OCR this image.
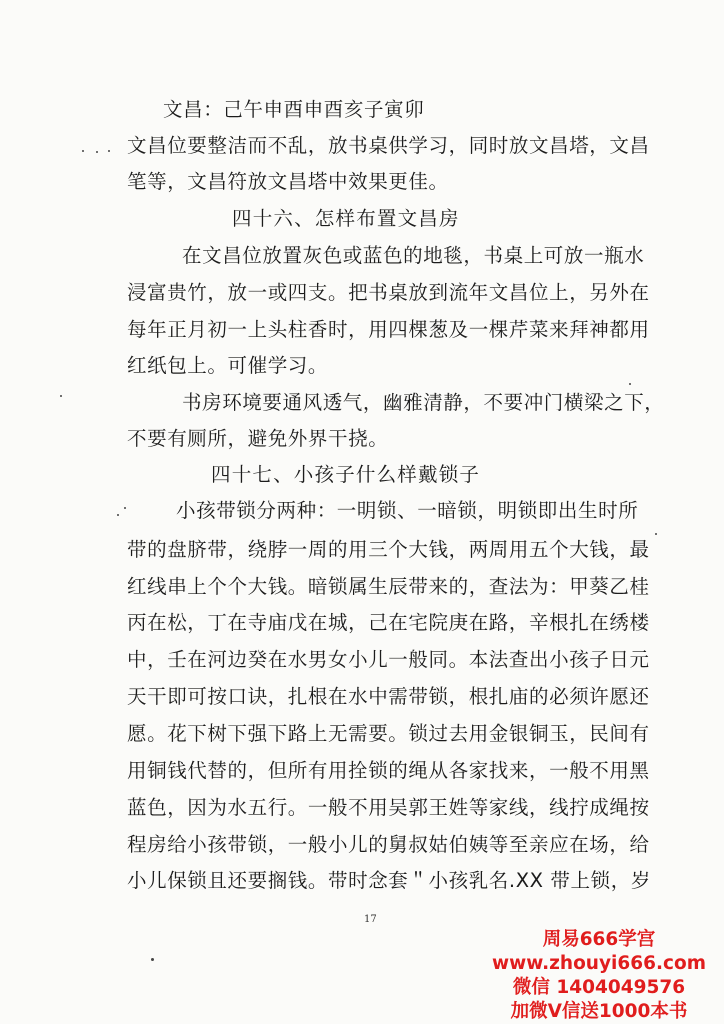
文昌：己午申酉申酉亥子寅卯
文昌位要整洁而不乱，放书桌供学习，同时放文昌塔，文昌
笔等，文昌符放文昌塔中效果更佳。
四十六、怎样布置文昌房
在文昌位放置灰色或蓝色的地毯，书桌上可放一瓶水
浸富贵竹，放一或四支。把书桌放到流年文昌位上，另外在
每年正月初一上头柱香时，用四棵葱及一棵芹菜来拜神都用
红纸包上。可催学习。
书房环境要通风透气，幽雅清静，不要冲门横梁之下，
不要有厕所，避免外界干挠。
四十七、小孩子什么样戴锁子
小孩带锁分两种：一明锁、一暗锁，明锁即出生时所
带的盘脐带，绕脖一周的用三个大钱，两周用五个大钱，最
红线串上个个大钱。暗锁属生辰带来的，查法为：甲葵乙桂
丙在松，丁在寺庙戊在城，己在宅院庚在路，辛根扎在绣楼
中，壬在河边癸在水男女小儿一般同。本法查出小孩子日元
天干即可按口诀，扎根在水中需带锁，根扎庙的必须许愿还
愿。花下树下强下路上无需要。锁过去用金银铜玉，民间有
用铜钱代替的，但所有用拴锁的绳从各家找来，一般不用黑
蓝色，因为水五行。一般不用吴郭王姓等家线，线拧成绳按
程房给小孩带锁，一般小儿的舅叔姑伯姨等至亲应在场，给
小儿保锁且还要搁钱。带时念套＂小孩乳名.XX 带上锁，岁
17
周易666学宫
www.zhouyi666.com
微信 1404049576
加微V信送1000本书
